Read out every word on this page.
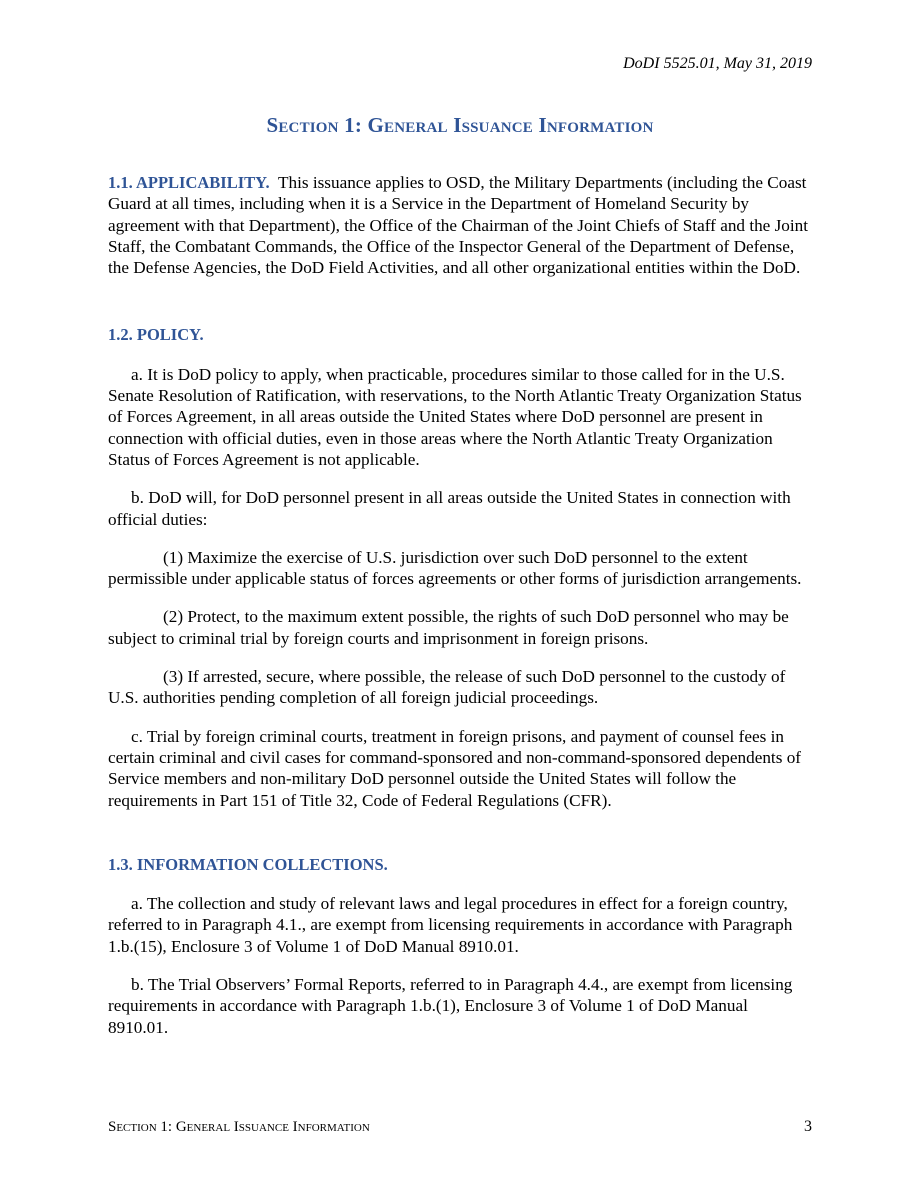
DoDI 5525.01, May 31, 2019
Section 1: General Issuance Information

1.1. APPLICABILITY. This issuance applies to OSD, the Military Departments (including the Coast Guard at all times, including when it is a Service in the Department of Homeland Security by agreement with that Department), the Office of the Chairman of the Joint Chiefs of Staff and the Joint Staff, the Combatant Commands, the Office of the Inspector General of the Department of Defense, the Defense Agencies, the DoD Field Activities, and all other organizational entities within the DoD.

1.2. POLICY.

a. It is DoD policy to apply, when practicable, procedures similar to those called for in the U.S. Senate Resolution of Ratification, with reservations, to the North Atlantic Treaty Organization Status of Forces Agreement, in all areas outside the United States where DoD personnel are present in connection with official duties, even in those areas where the North Atlantic Treaty Organization Status of Forces Agreement is not applicable.

b. DoD will, for DoD personnel present in all areas outside the United States in connection with official duties:

(1) Maximize the exercise of U.S. jurisdiction over such DoD personnel to the extent permissible under applicable status of forces agreements or other forms of jurisdiction arrangements.

(2) Protect, to the maximum extent possible, the rights of such DoD personnel who may be subject to criminal trial by foreign courts and imprisonment in foreign prisons.

(3) If arrested, secure, where possible, the release of such DoD personnel to the custody of U.S. authorities pending completion of all foreign judicial proceedings.

c. Trial by foreign criminal courts, treatment in foreign prisons, and payment of counsel fees in certain criminal and civil cases for command-sponsored and non-command-sponsored dependents of Service members and non-military DoD personnel outside the United States will follow the requirements in Part 151 of Title 32, Code of Federal Regulations (CFR).

1.3. INFORMATION COLLECTIONS.

a. The collection and study of relevant laws and legal procedures in effect for a foreign country, referred to in Paragraph 4.1., are exempt from licensing requirements in accordance with Paragraph 1.b.(15), Enclosure 3 of Volume 1 of DoD Manual 8910.01.

b. The Trial Observers’ Formal Reports, referred to in Paragraph 4.4., are exempt from licensing requirements in accordance with Paragraph 1.b.(1), Enclosure 3 of Volume 1 of DoD Manual 8910.01.

Section 1: General Issuance Information	3
